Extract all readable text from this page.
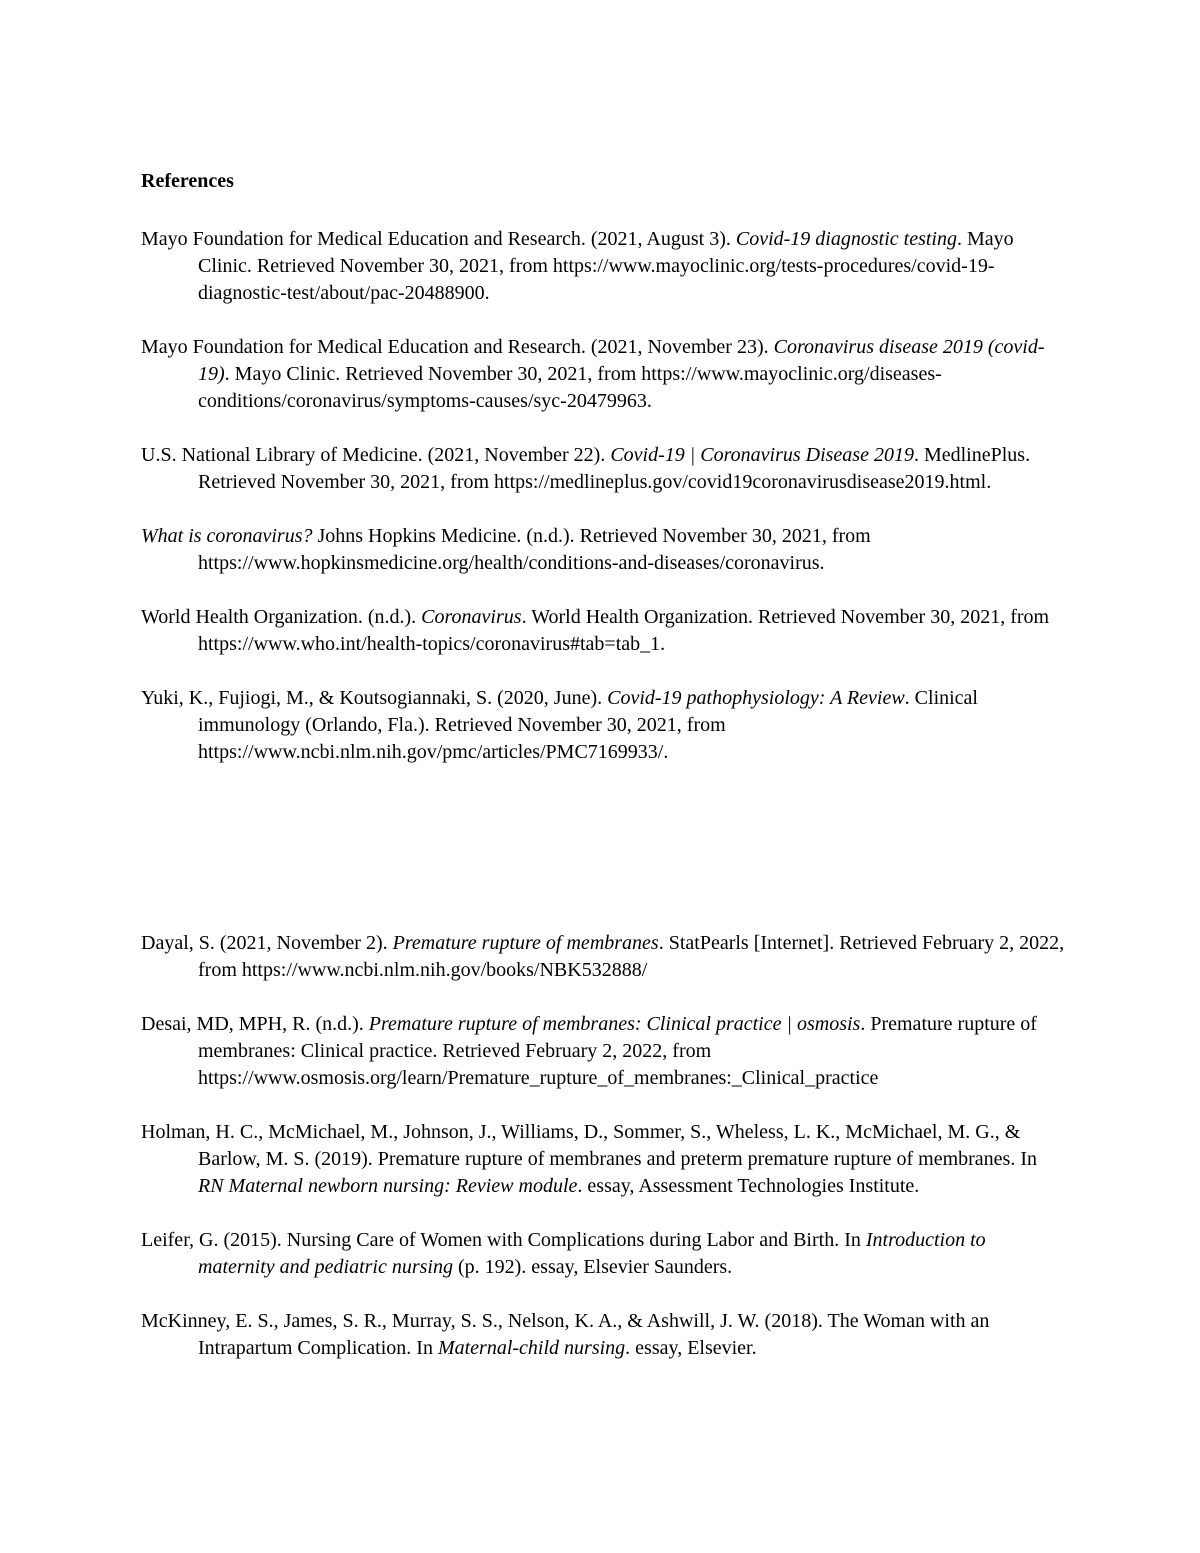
References

Mayo Foundation for Medical Education and Research. (2021, August 3). Covid-19 diagnostic testing. Mayo Clinic. Retrieved November 30, 2021, from https://www.mayoclinic.org/tests-procedures/covid-19-diagnostic-test/about/pac-20488900.

Mayo Foundation for Medical Education and Research. (2021, November 23). Coronavirus disease 2019 (covid-19). Mayo Clinic. Retrieved November 30, 2021, from https://www.mayoclinic.org/diseases-conditions/coronavirus/symptoms-causes/syc-20479963.

U.S. National Library of Medicine. (2021, November 22). Covid-19 | Coronavirus Disease 2019. MedlinePlus. Retrieved November 30, 2021, from https://medlineplus.gov/covid19coronavirusdisease2019.html.

What is coronavirus? Johns Hopkins Medicine. (n.d.). Retrieved November 30, 2021, from https://www.hopkinsmedicine.org/health/conditions-and-diseases/coronavirus.

World Health Organization. (n.d.). Coronavirus. World Health Organization. Retrieved November 30, 2021, from https://www.who.int/health-topics/coronavirus#tab=tab_1.

Yuki, K., Fujiogi, M., & Koutsogiannaki, S. (2020, June). Covid-19 pathophysiology: A Review. Clinical immunology (Orlando, Fla.). Retrieved November 30, 2021, from https://www.ncbi.nlm.nih.gov/pmc/articles/PMC7169933/.

Dayal, S. (2021, November 2). Premature rupture of membranes. StatPearls [Internet]. Retrieved February 2, 2022, from https://www.ncbi.nlm.nih.gov/books/NBK532888/

Desai, MD, MPH, R. (n.d.). Premature rupture of membranes: Clinical practice | osmosis. Premature rupture of membranes: Clinical practice. Retrieved February 2, 2022, from https://www.osmosis.org/learn/Premature_rupture_of_membranes:_Clinical_practice

Holman, H. C., McMichael, M., Johnson, J., Williams, D., Sommer, S., Wheless, L. K., McMichael, M. G., & Barlow, M. S. (2019). Premature rupture of membranes and preterm premature rupture of membranes. In RN Maternal newborn nursing: Review module. essay, Assessment Technologies Institute.

Leifer, G. (2015). Nursing Care of Women with Complications during Labor and Birth. In Introduction to maternity and pediatric nursing (p. 192). essay, Elsevier Saunders.

McKinney, E. S., James, S. R., Murray, S. S., Nelson, K. A., & Ashwill, J. W. (2018). The Woman with an Intrapartum Complication. In Maternal-child nursing. essay, Elsevier.
